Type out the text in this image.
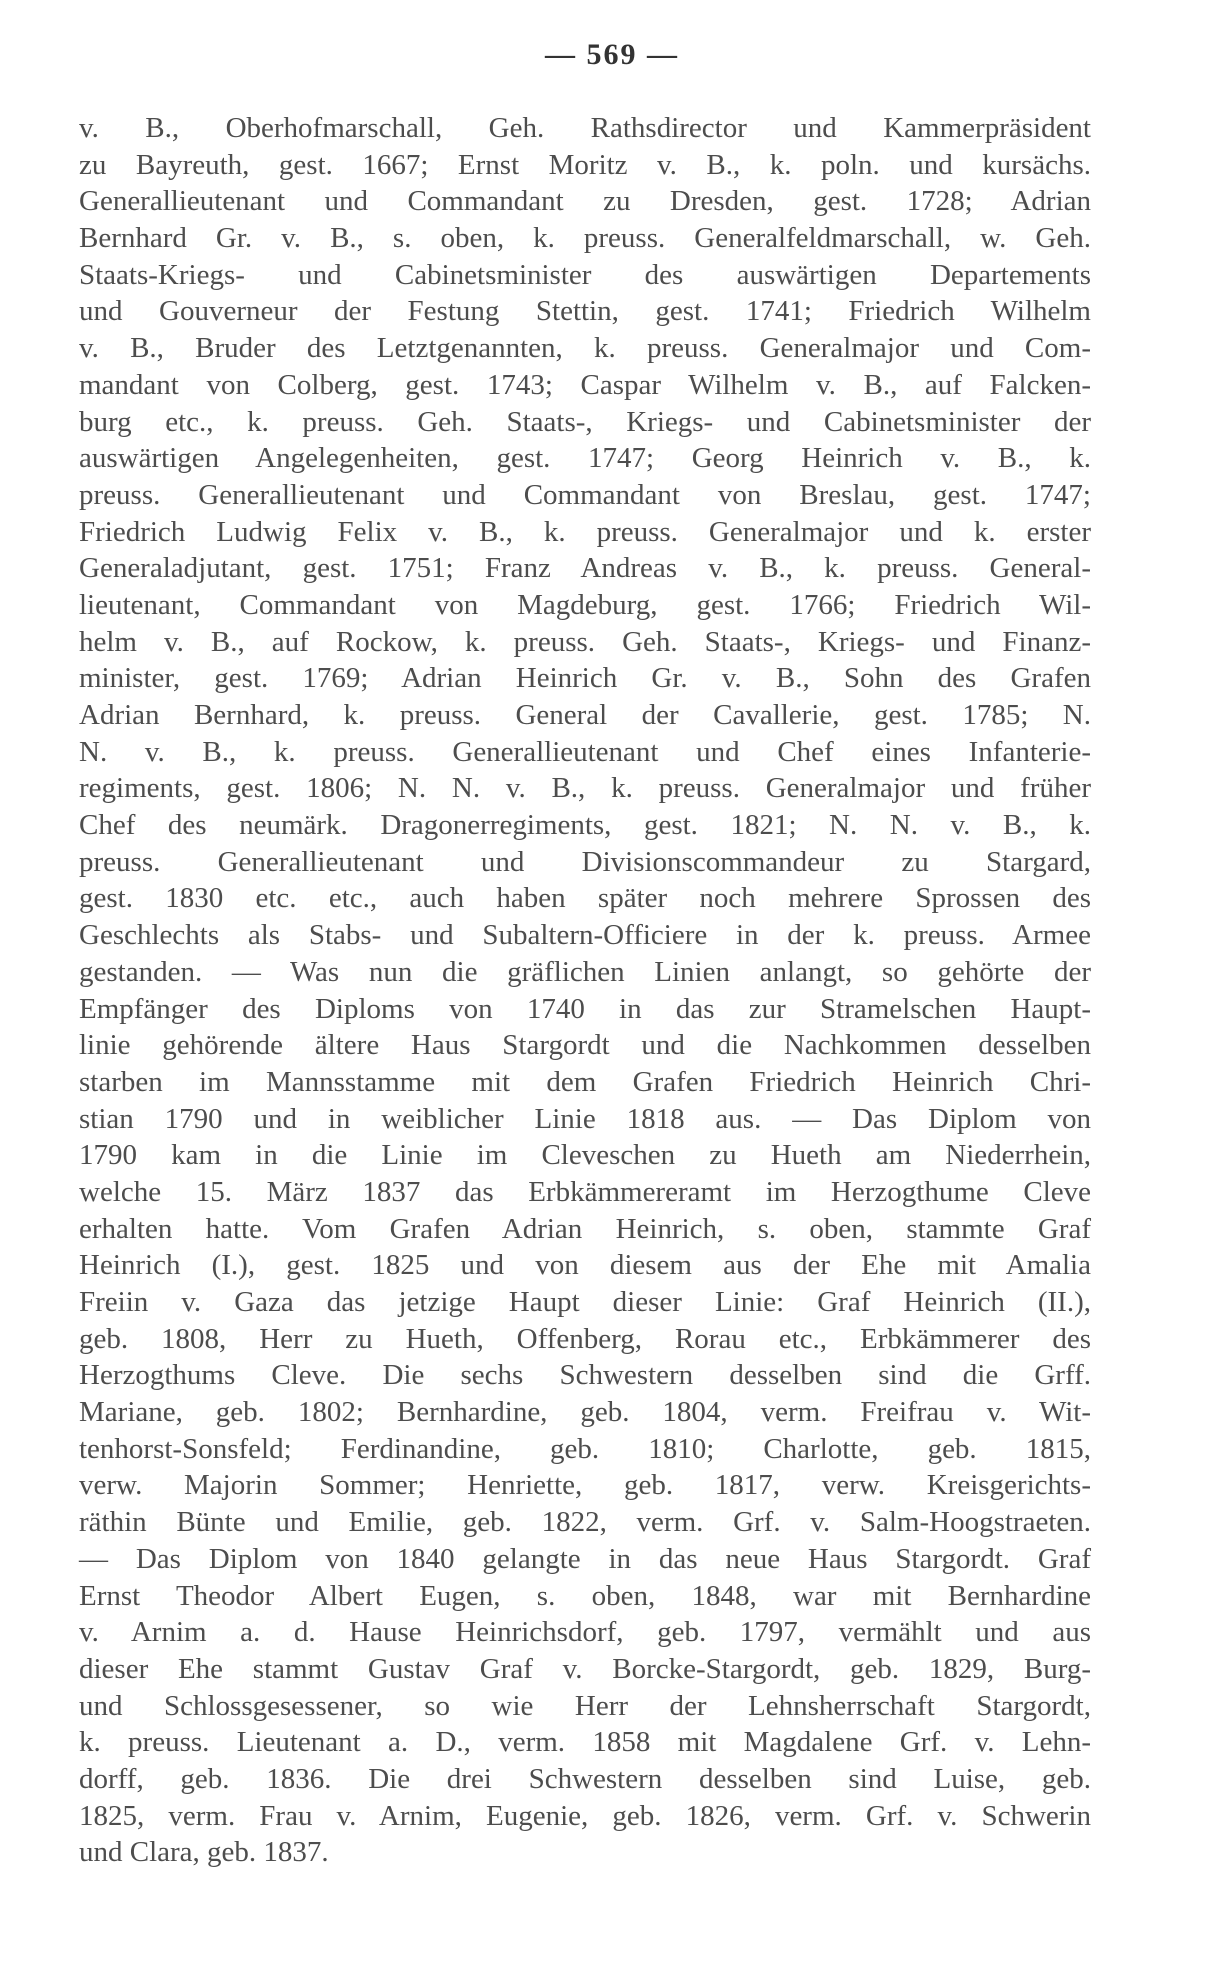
— 569 —
v. B., Oberhofmarschall, Geh. Rathsdirector und Kammerpräsident
zu Bayreuth, gest. 1667; Ernst Moritz v. B., k. poln. und kursächs.
Generallieutenant und Commandant zu Dresden, gest. 1728; Adrian
Bernhard Gr. v. B., s. oben, k. preuss. Generalfeldmarschall, w. Geh.
Staats-Kriegs- und Cabinetsminister des auswärtigen Departements
und Gouverneur der Festung Stettin, gest. 1741; Friedrich Wilhelm
v. B., Bruder des Letztgenannten, k. preuss. Generalmajor und Com-
mandant von Colberg, gest. 1743; Caspar Wilhelm v. B., auf Falcken-
burg etc., k. preuss. Geh. Staats-, Kriegs- und Cabinetsminister der
auswärtigen Angelegenheiten, gest. 1747; Georg Heinrich v. B., k.
preuss. Generallieutenant und Commandant von Breslau, gest. 1747;
Friedrich Ludwig Felix v. B., k. preuss. Generalmajor und k. erster
Generaladjutant, gest. 1751; Franz Andreas v. B., k. preuss. General-
lieutenant, Commandant von Magdeburg, gest. 1766; Friedrich Wil-
helm v. B., auf Rockow, k. preuss. Geh. Staats-, Kriegs- und Finanz-
minister, gest. 1769; Adrian Heinrich Gr. v. B., Sohn des Grafen
Adrian Bernhard, k. preuss. General der Cavallerie, gest. 1785; N.
N. v. B., k. preuss. Generallieutenant und Chef eines Infanterie-
regiments, gest. 1806; N. N. v. B., k. preuss. Generalmajor und früher
Chef des neumärk. Dragonerregiments, gest. 1821; N. N. v. B., k.
preuss. Generallieutenant und Divisionscommandeur zu Stargard,
gest. 1830 etc. etc., auch haben später noch mehrere Sprossen des
Geschlechts als Stabs- und Subaltern-Officiere in der k. preuss. Armee
gestanden. — Was nun die gräflichen Linien anlangt, so gehörte der
Empfänger des Diploms von 1740 in das zur Stramelschen Haupt-
linie gehörende ältere Haus Stargordt und die Nachkommen desselben
starben im Mannsstamme mit dem Grafen Friedrich Heinrich Chri-
stian 1790 und in weiblicher Linie 1818 aus. — Das Diplom von
1790 kam in die Linie im Cleveschen zu Hueth am Niederrhein,
welche 15. März 1837 das Erbkämmereramt im Herzogthume Cleve
erhalten hatte. Vom Grafen Adrian Heinrich, s. oben, stammte Graf
Heinrich (I.), gest. 1825 und von diesem aus der Ehe mit Amalia
Freiin v. Gaza das jetzige Haupt dieser Linie: Graf Heinrich (II.),
geb. 1808, Herr zu Hueth, Offenberg, Rorau etc., Erbkämmerer des
Herzogthums Cleve. Die sechs Schwestern desselben sind die Grff.
Mariane, geb. 1802; Bernhardine, geb. 1804, verm. Freifrau v. Wit-
tenhorst-Sonsfeld; Ferdinandine, geb. 1810; Charlotte, geb. 1815,
verw. Majorin Sommer; Henriette, geb. 1817, verw. Kreisgerichts-
räthin Bünte und Emilie, geb. 1822, verm. Grf. v. Salm-Hoogstraeten.
— Das Diplom von 1840 gelangte in das neue Haus Stargordt. Graf
Ernst Theodor Albert Eugen, s. oben, 1848, war mit Bernhardine
v. Arnim a. d. Hause Heinrichsdorf, geb. 1797, vermählt und aus
dieser Ehe stammt Gustav Graf v. Borcke-Stargordt, geb. 1829, Burg-
und Schlossgesessener, so wie Herr der Lehnsherrschaft Stargordt,
k. preuss. Lieutenant a. D., verm. 1858 mit Magdalene Grf. v. Lehn-
dorff, geb. 1836. Die drei Schwestern desselben sind Luise, geb.
1825, verm. Frau v. Arnim, Eugenie, geb. 1826, verm. Grf. v. Schwerin
und Clara, geb. 1837.
